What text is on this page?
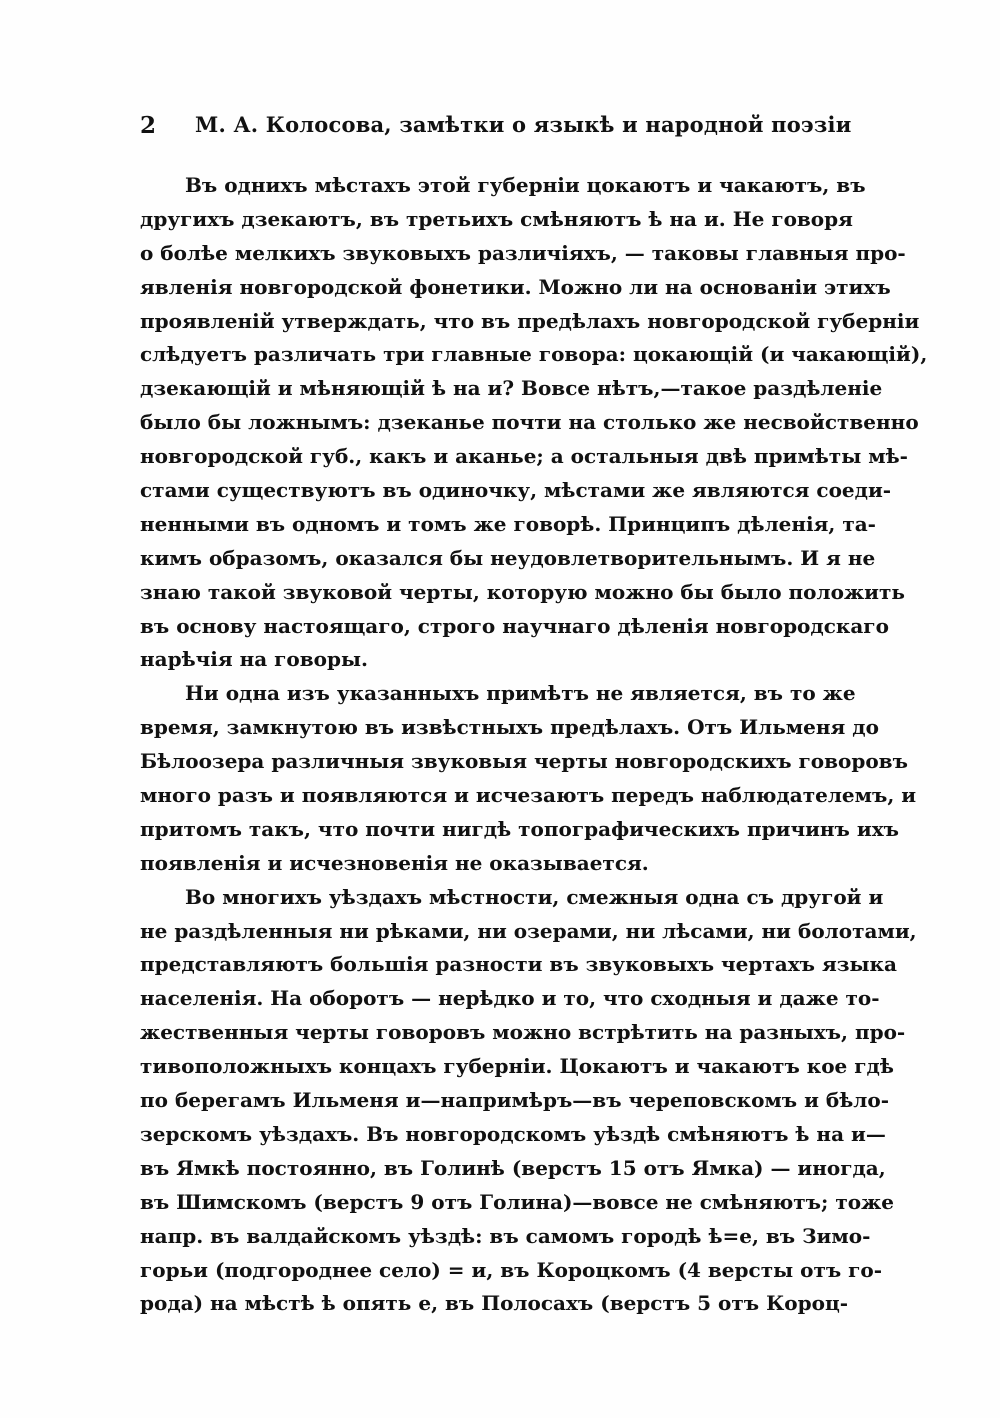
2 М. А. Колосова, замѣтки о языкѣ и народной поэзіи
Въ однихъ мѣстахъ этой губерніи цокаютъ и чакаютъ, въ
другихъ дзекаютъ, въ третьихъ смѣняютъ ѣ на и. Не говоря
о болѣе мелкихъ звуковыхъ различіяхъ, — таковы главныя про-
явленія новгородской фонетики. Можно ли на основаніи этихъ
проявленій утверждать, что въ предѣлахъ новгородской губерніи
слѣдуетъ различать три главные говора: цокающій (и чакающій),
дзекающій и мѣняющій ѣ на и? Вовсе нѣтъ,—такое раздѣленіе
было бы ложнымъ: дзеканье почти на столько же несвойственно
новгородской губ., какъ и аканье; а остальныя двѣ примѣты мѣ-
стами существуютъ въ одиночку, мѣстами же являются соеди-
ненными въ одномъ и томъ же говорѣ. Принципъ дѣленія, та-
кимъ образомъ, оказался бы неудовлетворительнымъ. И я не
знаю такой звуковой черты, которую можно бы было положить
въ основу настоящаго, строго научнаго дѣленія новгородскаго
нарѣчія на говоры.
Ни одна изъ указанныхъ примѣтъ не является, въ то же
время, замкнутою въ извѣстныхъ предѣлахъ. Отъ Ильменя до
Бѣлоозера различныя звуковыя черты новгородскихъ говоровъ
много разъ и появляются и исчезаютъ передъ наблюдателемъ, и
притомъ такъ, что почти нигдѣ топографическихъ причинъ ихъ
появленія и исчезновенія не оказывается.
Во многихъ уѣздахъ мѣстности, смежныя одна съ другой и
не раздѣленныя ни рѣками, ни озерами, ни лѣсами, ни болотами,
представляютъ большія разности въ звуковыхъ чертахъ языка
населенія. На оборотъ — нерѣдко и то, что сходныя и даже то-
жественныя черты говоровъ можно встрѣтить на разныхъ, про-
тивоположныхъ концахъ губерніи. Цокаютъ и чакаютъ кое гдѣ
по берегамъ Ильменя и—напримѣръ—въ череповскомъ и бѣло-
зерскомъ уѣздахъ. Въ новгородскомъ уѣздѣ смѣняютъ ѣ на и—
въ Ямкѣ постоянно, въ Голинѣ (верстъ 15 отъ Ямка) — иногда,
въ Шимскомъ (верстъ 9 отъ Голина)—вовсе не смѣняютъ; тоже
напр. въ валдайскомъ уѣздѣ: въ самомъ городѣ ѣ=е, въ Зимо-
горьи (подгороднее село) = и, въ Короцкомъ (4 версты отъ го-
рода) на мѣстѣ ѣ опять е, въ Полосахъ (верстъ 5 отъ Короц-
